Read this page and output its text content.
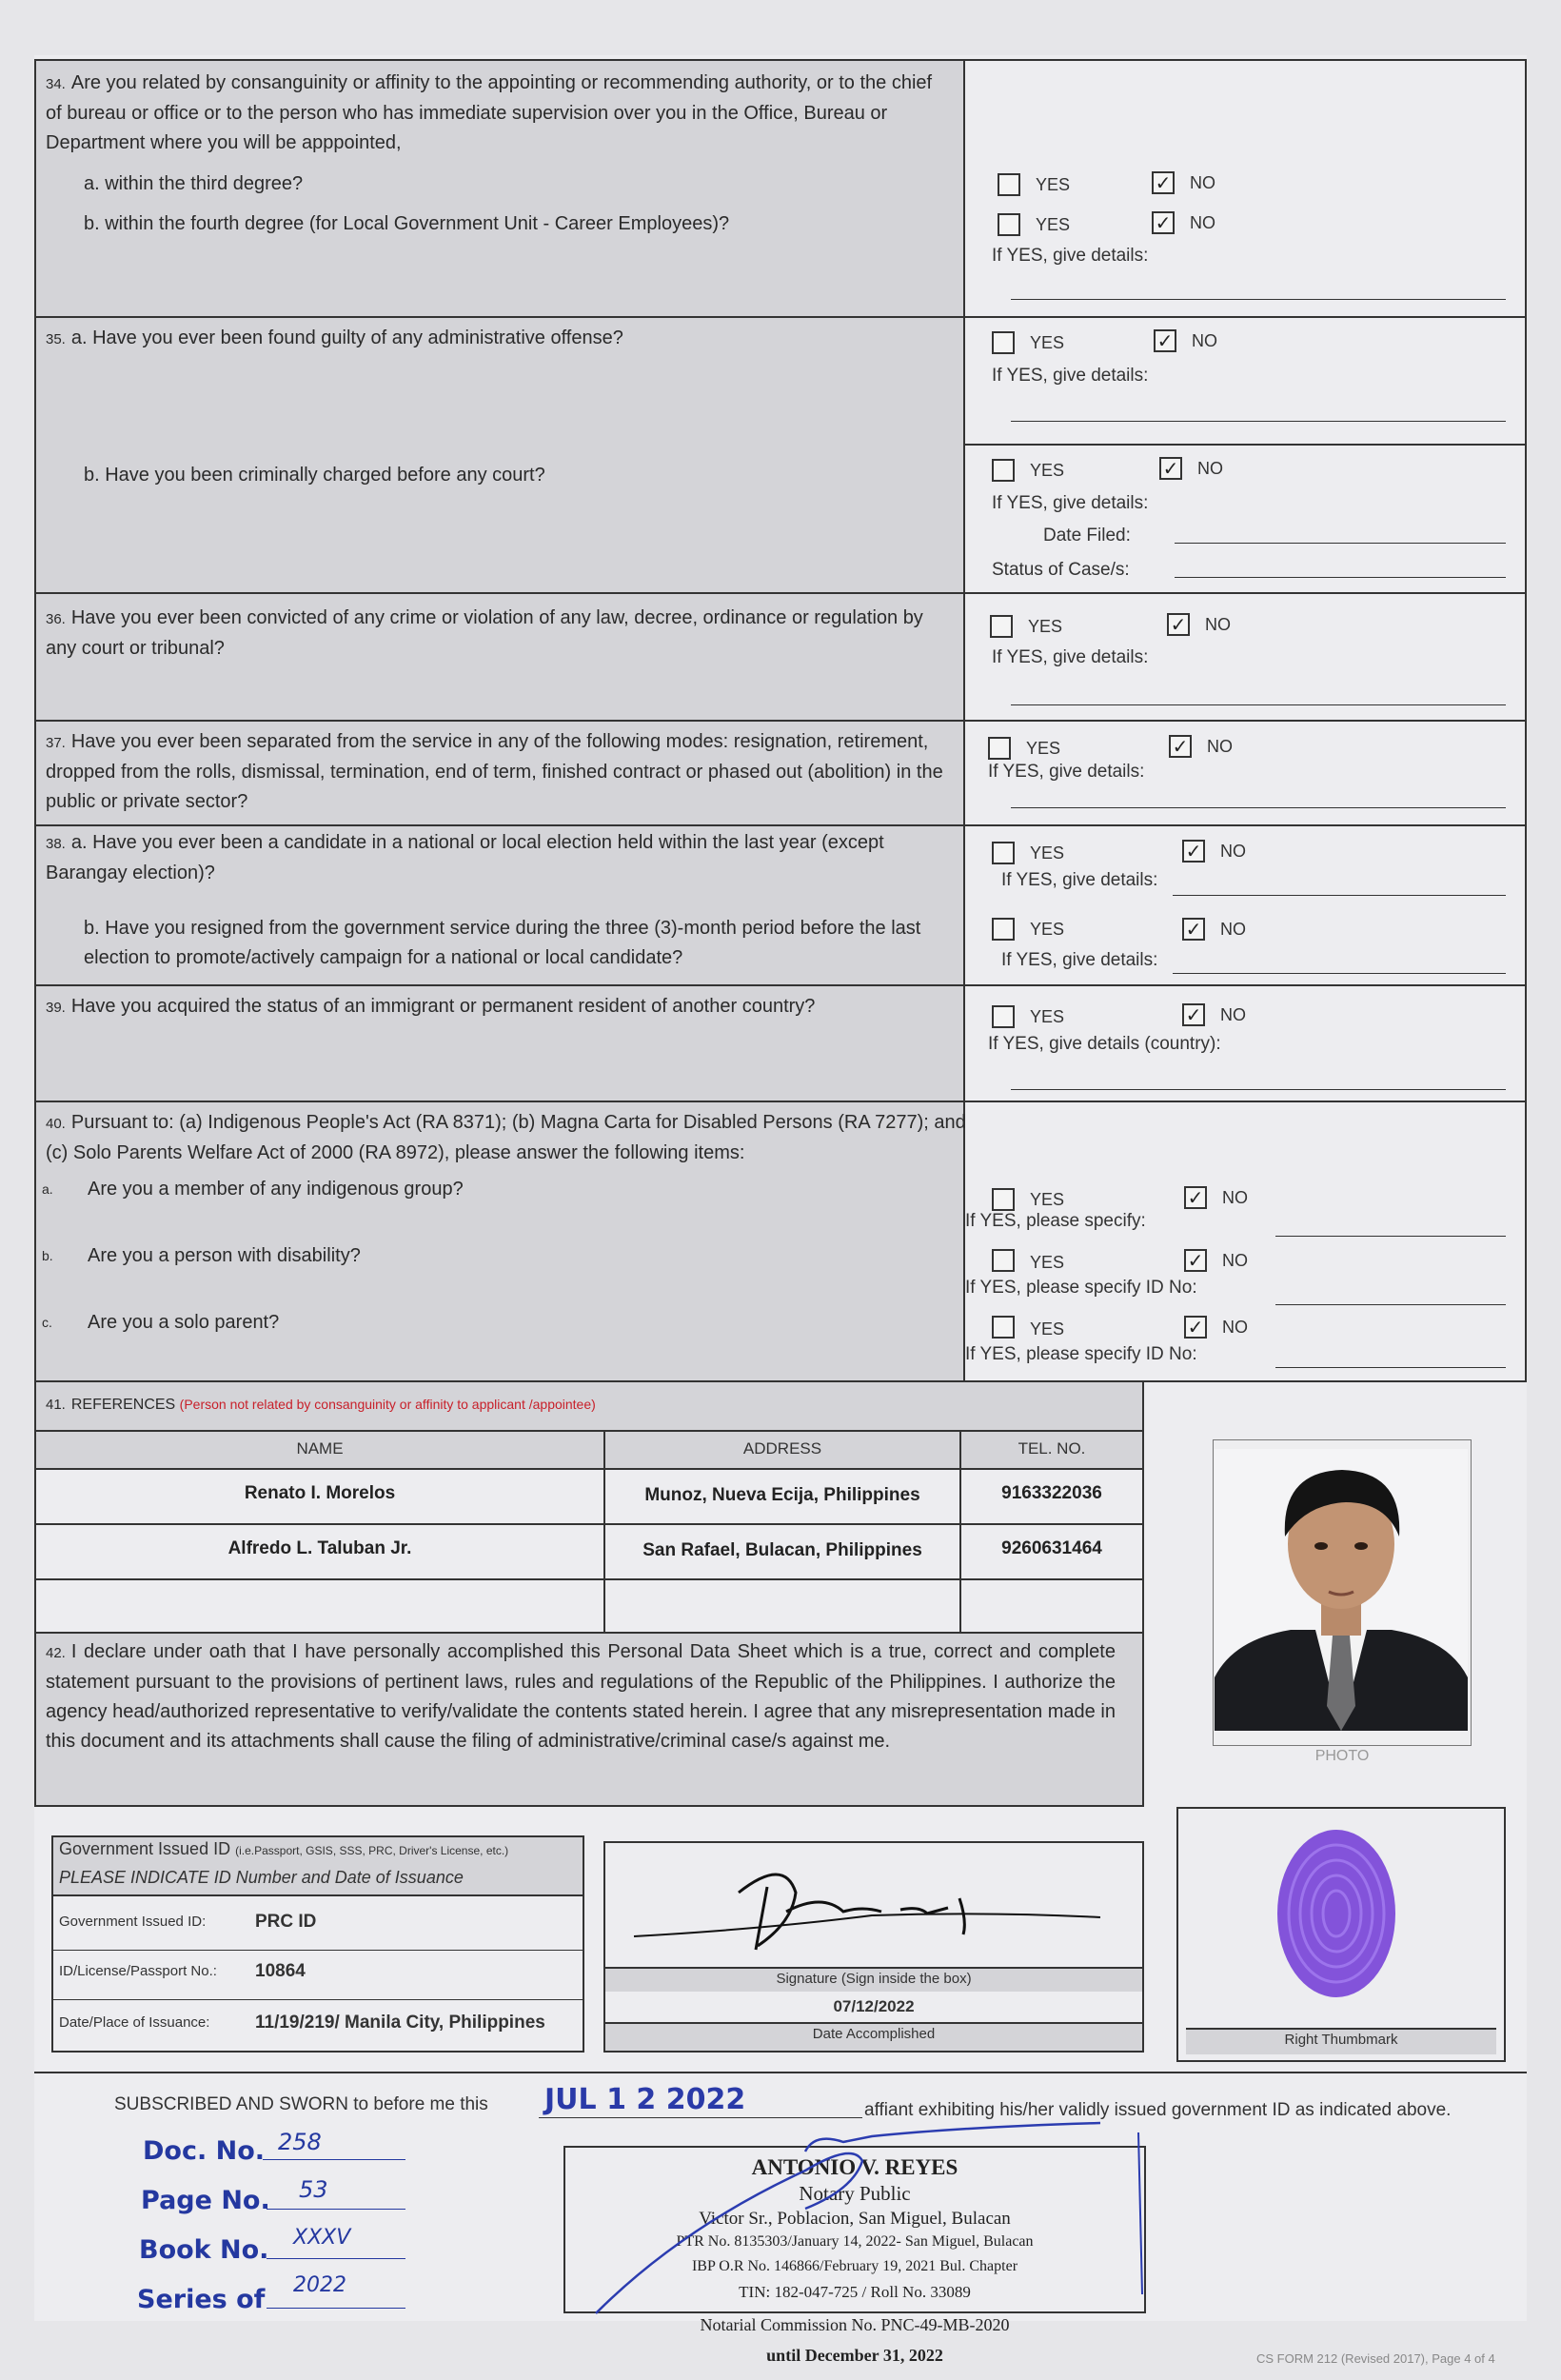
34. Are you related by consanguinity or affinity to the appointing or recommending authority, or to the chief of bureau or office or to the person who has immediate supervision over you in the Office, Bureau or Department where you will be apppointed,
a. within the third degree?
b. within the fourth degree (for Local Government Unit - Career Employees)?
YES	✓ NO
YES	✓ NO
If YES, give details:
35. a. Have you ever been found guilty of any administrative offense?
b. Have you been criminally charged before any court?
YES	✓ NO
If YES, give details:
YES	✓ NO
If YES, give details:
Date Filed:
Status of Case/s:
36. Have you ever been convicted of any crime or violation of any law, decree, ordinance or regulation by any court or tribunal?
YES	✓ NO
If YES, give details:
37. Have you ever been separated from the service in any of the following modes: resignation, retirement, dropped from the rolls, dismissal, termination, end of term, finished contract or phased out (abolition) in the public or private sector?
YES	✓ NO
If YES, give details:
38. a. Have you ever been a candidate in a national or local election held within the last year (except Barangay election)?
b. Have you resigned from the government service during the three (3)-month period before the last election to promote/actively campaign for a national or local candidate?
YES	✓ NO
If YES, give details:
YES	✓ NO
If YES, give details:
39. Have you acquired the status of an immigrant or permanent resident of another country?	YES	✓ NO
If YES, give details (country):
40. Pursuant to: (a) Indigenous People's Act (RA 8371); (b) Magna Carta for Disabled Persons (RA 7277); and (c) Solo Parents Welfare Act of 2000 (RA 8972), please answer the following items:
a. Are you a member of any indigenous group?
b. Are you a person with disability?
c. Are you a solo parent?
YES	✓ NO
If YES, please specify:
YES	✓ NO
If YES, please specify ID No:
YES	✓ NO
If YES, please specify ID No:
41. REFERENCES (Person not related by consanguinity or affinity to applicant /appointee)
NAME	ADDRESS	TEL. NO.
Renato I. Morelos	Munoz, Nueva Ecija, Philippines	9163322036
Alfredo L. Taluban Jr.	San Rafael, Bulacan, Philippines	9260631464
PHOTO
42. I declare under oath that I have personally accomplished this Personal Data Sheet which is a true, correct and complete statement pursuant to the provisions of pertinent laws, rules and regulations of the Republic of the Philippines. I authorize the agency head/authorized representative to verify/validate the contents stated herein. I agree that any misrepresentation made in this document and its attachments shall cause the filing of administrative/criminal case/s against me.
Government Issued ID (i.e.Passport, GSIS, SSS, PRC, Driver's License, etc.)
PLEASE INDICATE ID Number and Date of Issuance
Government Issued ID:	PRC ID
ID/License/Passport No.: 10864
Date/Place of Issuance:	11/19/219/ Manila City, Philippines
Signature (Sign inside the box)
07/12/2022
Date Accomplished	Right Thumbmark
SUBSCRIBED AND SWORN to before me this JUL 1 2 2022	affiant exhibiting his/her validly issued government ID as indicated above.
Doc. No. 258
Page No. 53
Book No. XXXV
Series of 2022
ANTONIO V. REYES
Notary Public
Victor Sr., Poblacion, San Miguel, Bulacan
PTR No. 8135303/January 14, 2022- San Miguel, Bulacan
IBP O.R No. 146866/February 19, 2021 Bul. Chapter
TIN: 182-047-725 / Roll No. 33089
Notarial Commission No. PNC-49-MB-2020
until December 31, 2022	CS FORM 212 (Revised 2017), Page 4 of 4
